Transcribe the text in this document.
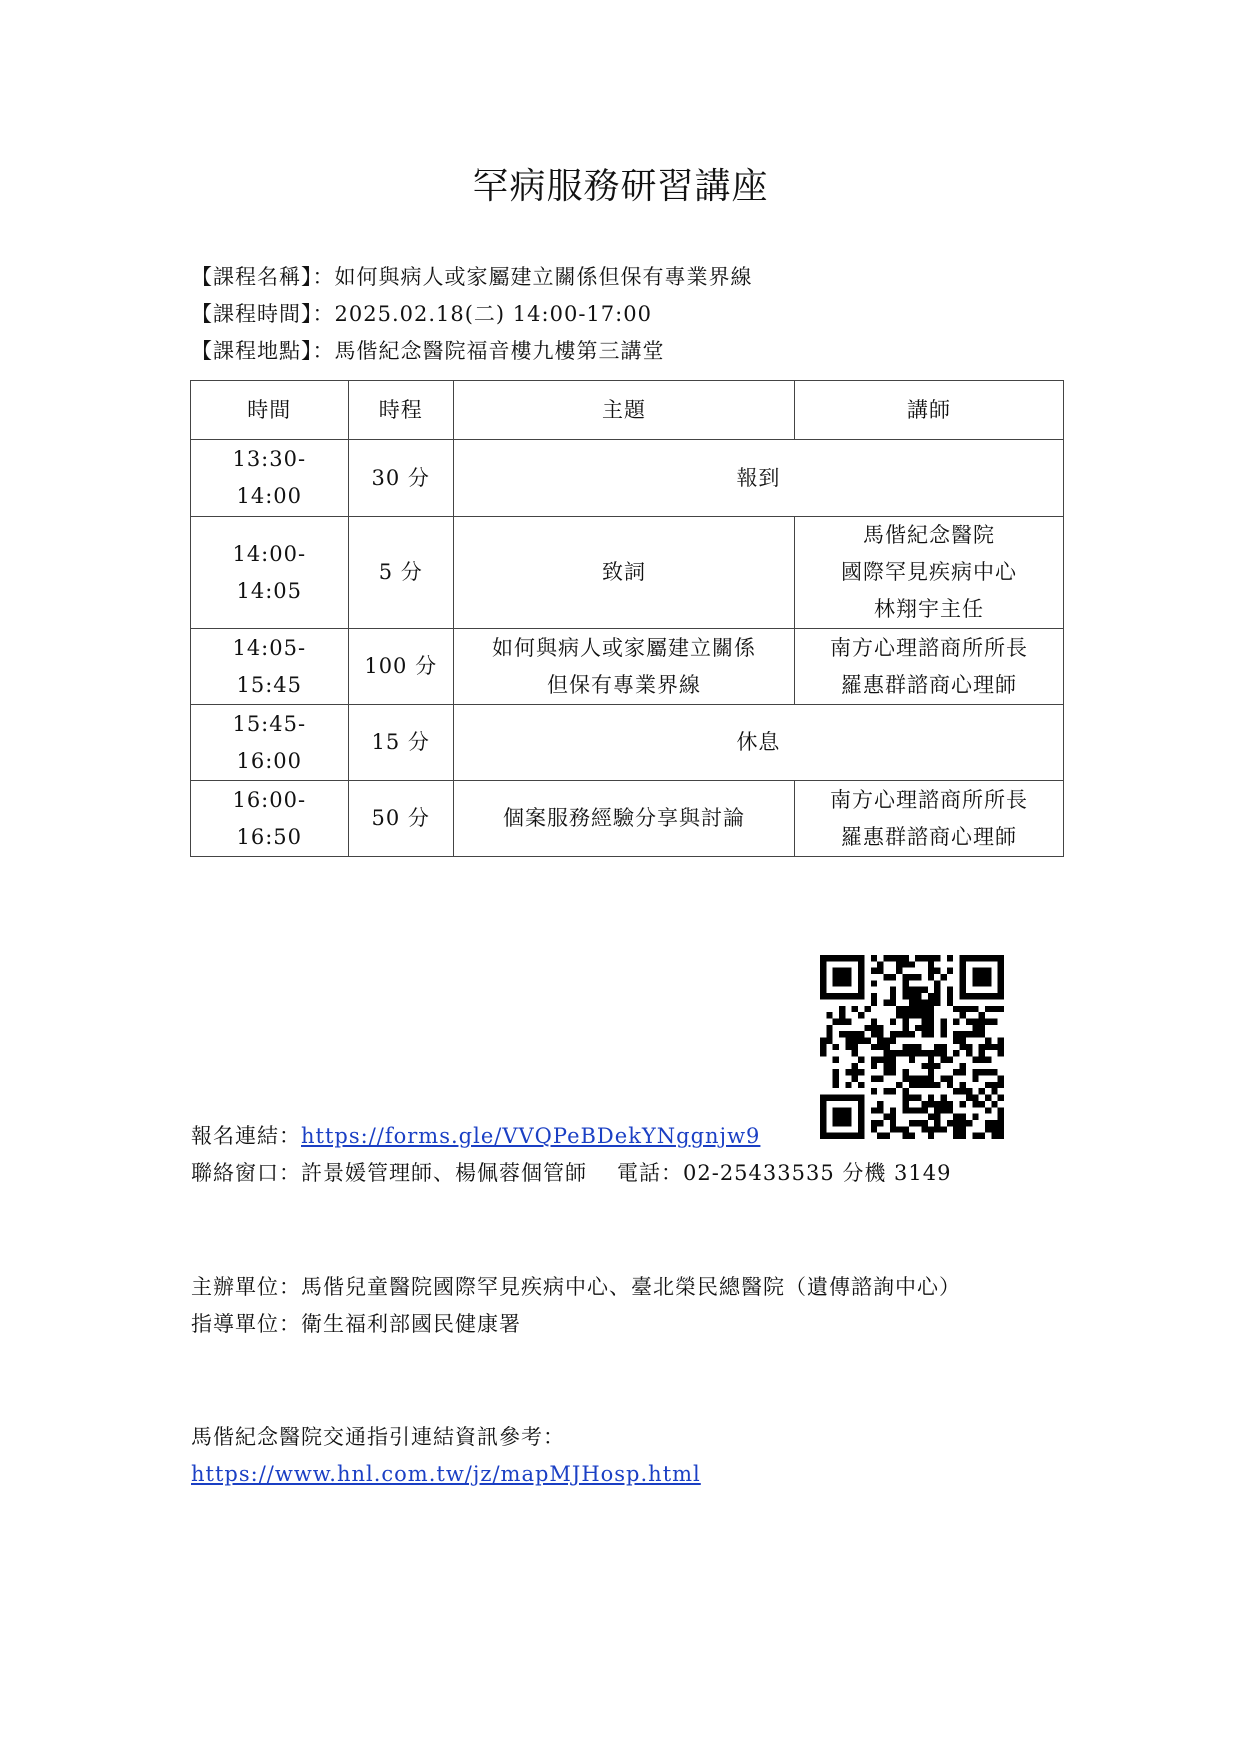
罕病服務研習講座
【課程名稱】：如何與病人或家屬建立關係但保有專業界線
【課程時間】：2025.02.18(二) 14:00-17:00
【課程地點】：馬偕紀念醫院福音樓九樓第三講堂
時間	時程	主題	講師

13:30-
14:00	30 分	報到	

14:00-
14:05	5 分	致詞	馬偕紀念醫院
國際罕見疾病中心
林翔宇主任

14:05-
15:45	100 分	如何與病人或家屬建立關係
但保有專業界線	南方心理諮商所所長
羅惠群諮商心理師

15:45-
16:00	15 分	休息	

16:00-
16:50	50 分	個案服務經驗分享與討論	南方心理諮商所所長
羅惠群諮商心理師
報名連結：https://forms.gle/VVQPeBDekYNggnjw9
聯絡窗口：許景媛管理師、楊佩蓉個管師 電話：02-25433535 分機 3149
主辦單位：馬偕兒童醫院國際罕見疾病中心、臺北榮民總醫院（遺傳諮詢中心）
指導單位：衛生福利部國民健康署
馬偕紀念醫院交通指引連結資訊參考：
https://www.hnl.com.tw/jz/mapMJHosp.html
